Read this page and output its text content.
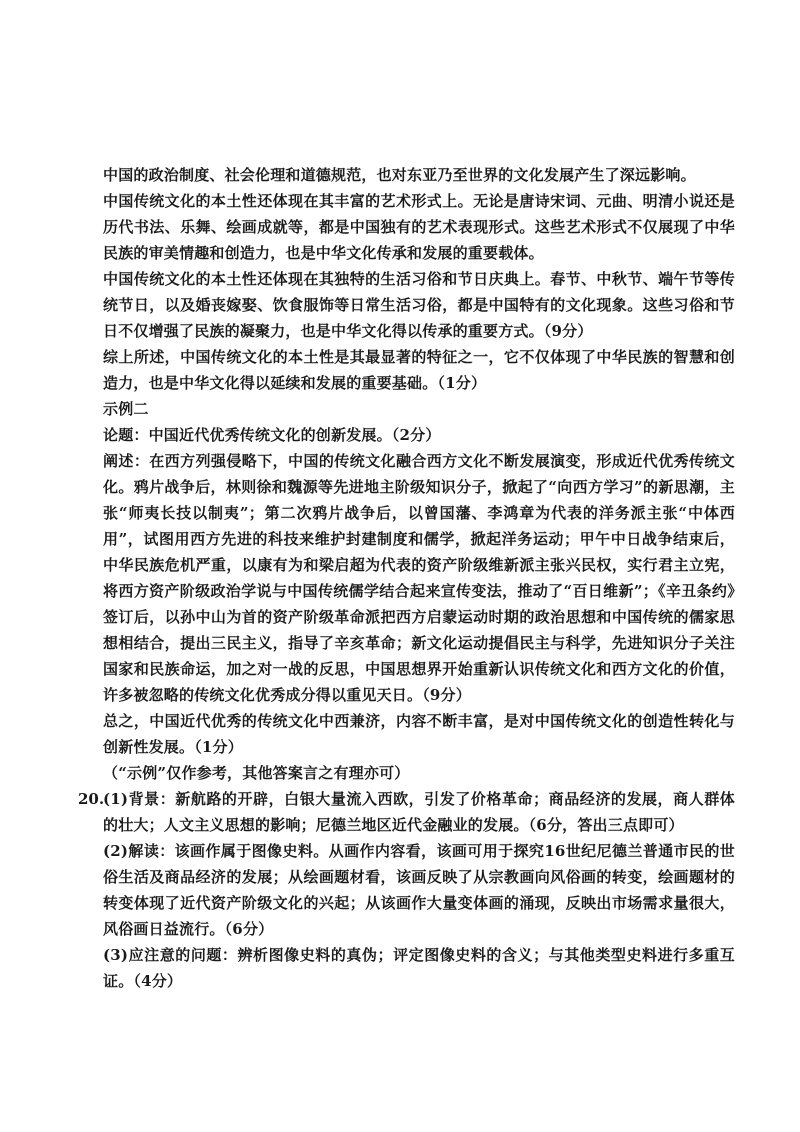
中国的政治制度、社会伦理和道德规范，也对东亚乃至世界的文化发展产生了深远影响。

中国传统文化的本土性还体现在其丰富的艺术形式上。无论是唐诗宋词、元曲、明清小说还是历代书法、乐舞、绘画成就等，都是中国独有的艺术表现形式。这些艺术形式不仅展现了中华民族的审美情趣和创造力，也是中华文化传承和发展的重要载体。

中国传统文化的本土性还体现在其独特的生活习俗和节日庆典上。春节、中秋节、端午节等传统节日，以及婚丧嫁娶、饮食服饰等日常生活习俗，都是中国特有的文化现象。这些习俗和节日不仅增强了民族的凝聚力，也是中华文化得以传承的重要方式。（9分）

综上所述，中国传统文化的本土性是其最显著的特征之一，它不仅体现了中华民族的智慧和创造力，也是中华文化得以延续和发展的重要基础。（1分）

示例二

论题：中国近代优秀传统文化的创新发展。（2分）

阐述：在西方列强侵略下，中国的传统文化融合西方文化不断发展演变，形成近代优秀传统文化。鸦片战争后，林则徐和魏源等先进地主阶级知识分子，掀起了“向西方学习”的新思潮，主张“师夷长技以制夷”；第二次鸦片战争后，以曾国藩、李鸿章为代表的洋务派主张“中体西用”，试图用西方先进的科技来维护封建制度和儒学，掀起洋务运动；甲午中日战争结束后，中华民族危机严重，以康有为和梁启超为代表的资产阶级维新派主张兴民权，实行君主立宪，将西方资产阶级政治学说与中国传统儒学结合起来宣传变法，推动了“百日维新”；《辛丑条约》签订后，以孙中山为首的资产阶级革命派把西方启蒙运动时期的政治思想和中国传统的儒家思想相结合，提出三民主义，指导了辛亥革命；新文化运动提倡民主与科学，先进知识分子关注国家和民族命运，加之对一战的反思，中国思想界开始重新认识传统文化和西方文化的价值，许多被忽略的传统文化优秀成分得以重见天日。（9分）

总之，中国近代优秀的传统文化中西兼济，内容不断丰富，是对中国传统文化的创造性转化与创新性发展。（1分）

（“示例”仅作参考，其他答案言之有理亦可）

20.

(1)背景：新航路的开辟，白银大量流入西欧，引发了价格革命；商品经济的发展，商人群体的壮大；人文主义思想的影响；尼德兰地区近代金融业的发展。（6分，答出三点即可）

(2)解读：该画作属于图像史料。从画作内容看，该画可用于探究16世纪尼德兰普通市民的世俗生活及商品经济的发展；从绘画题材看，该画反映了从宗教画向风俗画的转变，绘画题材的转变体现了近代资产阶级文化的兴起；从该画作大量变体画的涌现，反映出市场需求量很大，风俗画日益流行。（6分）

(3)应注意的问题：辨析图像史料的真伪；评定图像史料的含义；与其他类型史料进行多重互证。（4分）
